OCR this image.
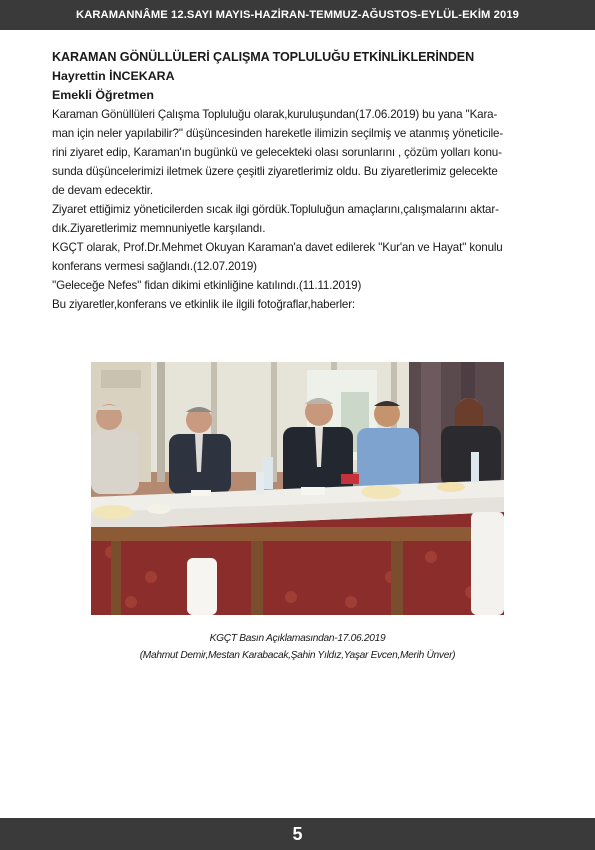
KARAMANNÂME 12.SAYI MAYIS-HAZİRAN-TEMMUZ-AĞUSTOS-EYLÜL-EKİM 2019
KARAMAN GÖNÜLLÜLERİ ÇALIŞMA TOPLULUĞU ETKİNLİKLERİNDEN
Hayrettin İNCEKARA
Emekli Öğretmen

Karaman Gönüllüleri Çalışma Topluluğu olarak,kuruluşundan(17.06.2019) bu yana ''Kara-

man için neler yapılabilir?'' düşüncesinden hareketle ilimizin seçilmiş ve atanmış yöneticile-

rini ziyaret edip, Karaman'ın bugünkü ve gelecekteki olası sorunlarını , çözüm yolları konu-

sunda düşüncelerimizi iletmek üzere çeşitli ziyaretlerimiz oldu. Bu ziyaretlerimiz gelecekte

de devam edecektir.

Ziyaret ettiğimiz yöneticilerden sıcak ilgi gördük.Topluluğun amaçlarını,çalışmalarını aktar-

dık.Ziyaretlerimiz memnuniyetle karşılandı.

KGÇT olarak, Prof.Dr.Mehmet Okuyan Karaman'a davet edilerek ''Kur'an ve Hayat'' konulu

konferans vermesi sağlandı.(12.07.2019)

''Geleceğe Nefes'' fidan dikimi etkinliğine katılındı.(11.11.2019)

Bu ziyaretler,konferans ve etkinlik ile ilgili fotoğraflar,haberler:

KGÇT Basın Açıklamasından-17.06.2019
(Mahmut Demir,Mestan Karabacak,Şahin Yıldız,Yaşar Evcen,Merih Ünver)
5
